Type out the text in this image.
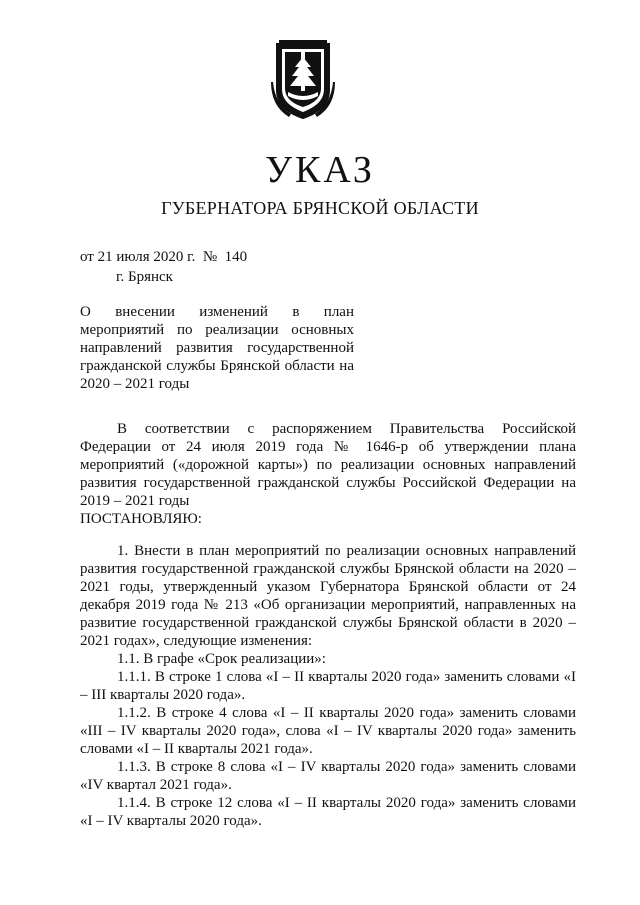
УКАЗ
ГУБЕРНАТОРА БРЯНСКОЙ ОБЛАСТИ
от 21 июля 2020 г.  №  140
г. Брянск
О внесении изменений в план мероприятий по реализации основных направлений развития государственной гражданской службы Брянской области на 2020 – 2021 годы

В соответствии с распоряжением Правительства Российской Федерации от 24 июля 2019 года № 1646-р об утверждении плана мероприятий («дорожной карты») по реализации основных направлений развития государственной гражданской службы Российской Федерации на 2019 – 2021 годы

ПОСТАНОВЛЯЮ:

1. Внести в план мероприятий по реализации основных направлений развития государственной гражданской службы Брянской области на 2020 – 2021 годы, утвержденный указом Губернатора Брянской области от 24 декабря 2019 года № 213 «Об организации мероприятий, направленных на развитие государственной гражданской службы Брянской области в 2020 – 2021 годах», следующие изменения:

1.1. В графе «Срок реализации»:

1.1.1. В строке 1 слова «I – II кварталы 2020 года» заменить словами «I – III кварталы 2020 года».

1.1.2. В строке 4 слова «I – II кварталы 2020 года» заменить словами «III – IV кварталы 2020 года», слова «I – IV кварталы 2020 года» заменить словами «I – II кварталы 2021 года».

1.1.3. В строке 8 слова «I – IV кварталы 2020 года» заменить словами «IV квартал 2021 года».

1.1.4. В строке 12 слова «I – II кварталы 2020 года» заменить словами «I – IV кварталы 2020 года».
